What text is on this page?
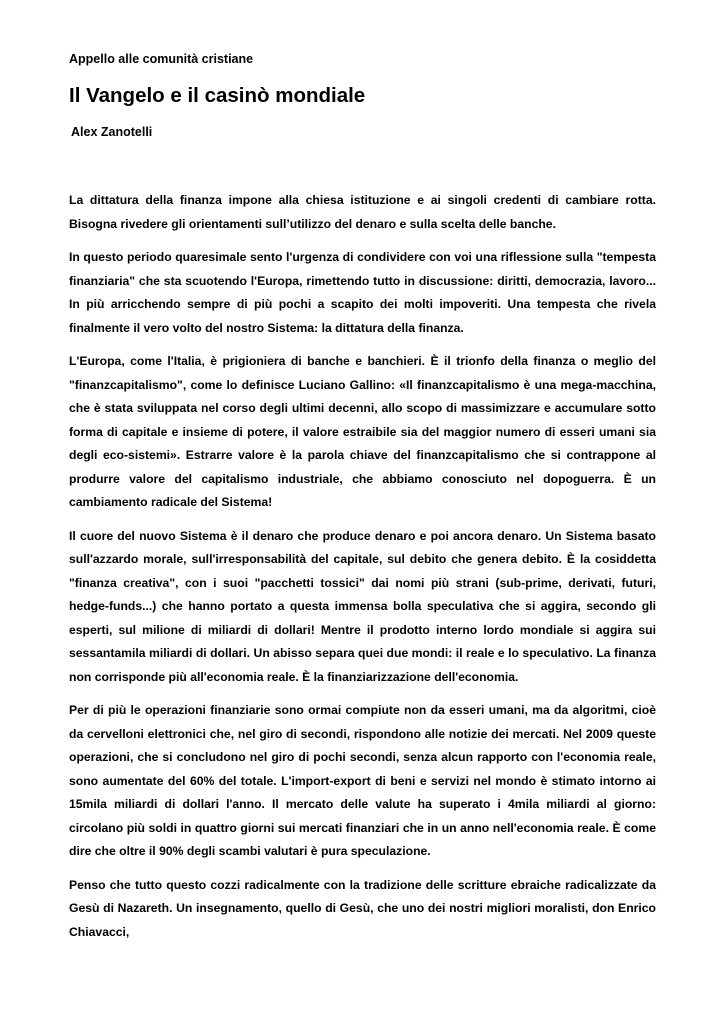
Appello alle comunità cristiane
Il Vangelo e il casinò mondiale
Alex Zanotelli

La dittatura della finanza impone alla chiesa istituzione e ai singoli credenti di cambiare rotta. Bisogna rivedere gli orientamenti sull’utilizzo del denaro e sulla scelta delle banche.

In questo periodo quaresimale sento l'urgenza di condividere con voi una riflessione sulla "tempesta finanziaria" che sta scuotendo l'Europa, rimettendo tutto in discussione: diritti, democrazia, lavoro... In più arricchendo sempre di più pochi a scapito dei molti impoveriti. Una tempesta che rivela finalmente il vero volto del nostro Sistema: la dittatura della finanza.

L'Europa, come l'Italia, è prigioniera di banche e banchieri. È il trionfo della finanza o meglio del "finanzcapitalismo", come lo definisce Luciano Gallino: «Il finanzcapitalismo è una mega-macchina, che è stata sviluppata nel corso degli ultimi decenni, allo scopo di massimizzare e accumulare sotto forma di capitale e insieme di potere, il valore estraibile sia del maggior numero di esseri umani sia degli eco-sistemi». Estrarre valore è la parola chiave del finanzcapitalismo che si contrappone al produrre valore del capitalismo industriale, che abbiamo conosciuto nel dopoguerra. È un cambiamento radicale del Sistema!

Il cuore del nuovo Sistema è il denaro che produce denaro e poi ancora denaro. Un Sistema basato sull'azzardo morale, sull'irresponsabilità del capitale, sul debito che genera debito. È la cosiddetta "finanza creativa", con i suoi "pacchetti tossici" dai nomi più strani (sub-prime, derivati, futuri, hedge-funds...) che hanno portato a questa immensa bolla speculativa che si aggira, secondo gli esperti, sul milione di miliardi di dollari! Mentre il prodotto interno lordo mondiale si aggira sui sessantamila miliardi di dollari. Un abisso separa quei due mondi: il reale e lo speculativo. La finanza non corrisponde più all'economia reale. È la finanziarizzazione dell'economia.

Per di più le operazioni finanziarie sono ormai compiute non da esseri umani, ma da algoritmi, cioè da cervelloni elettronici che, nel giro di secondi, rispondono alle notizie dei mercati. Nel 2009 queste operazioni, che si concludono nel giro di pochi secondi, senza alcun rapporto con l'economia reale, sono aumentate del 60% del totale. L'import-export di beni e servizi nel mondo è stimato intorno ai 15mila miliardi di dollari l'anno. Il mercato delle valute ha superato i 4mila miliardi al giorno: circolano più soldi in quattro giorni sui mercati finanziari che in un anno nell'economia reale. È come dire che oltre il 90% degli scambi valutari è pura speculazione.

Penso che tutto questo cozzi radicalmente con la tradizione delle scritture ebraiche radicalizzate da Gesù di Nazareth. Un insegnamento, quello di Gesù, che uno dei nostri migliori moralisti, don Enrico Chiavacci,
